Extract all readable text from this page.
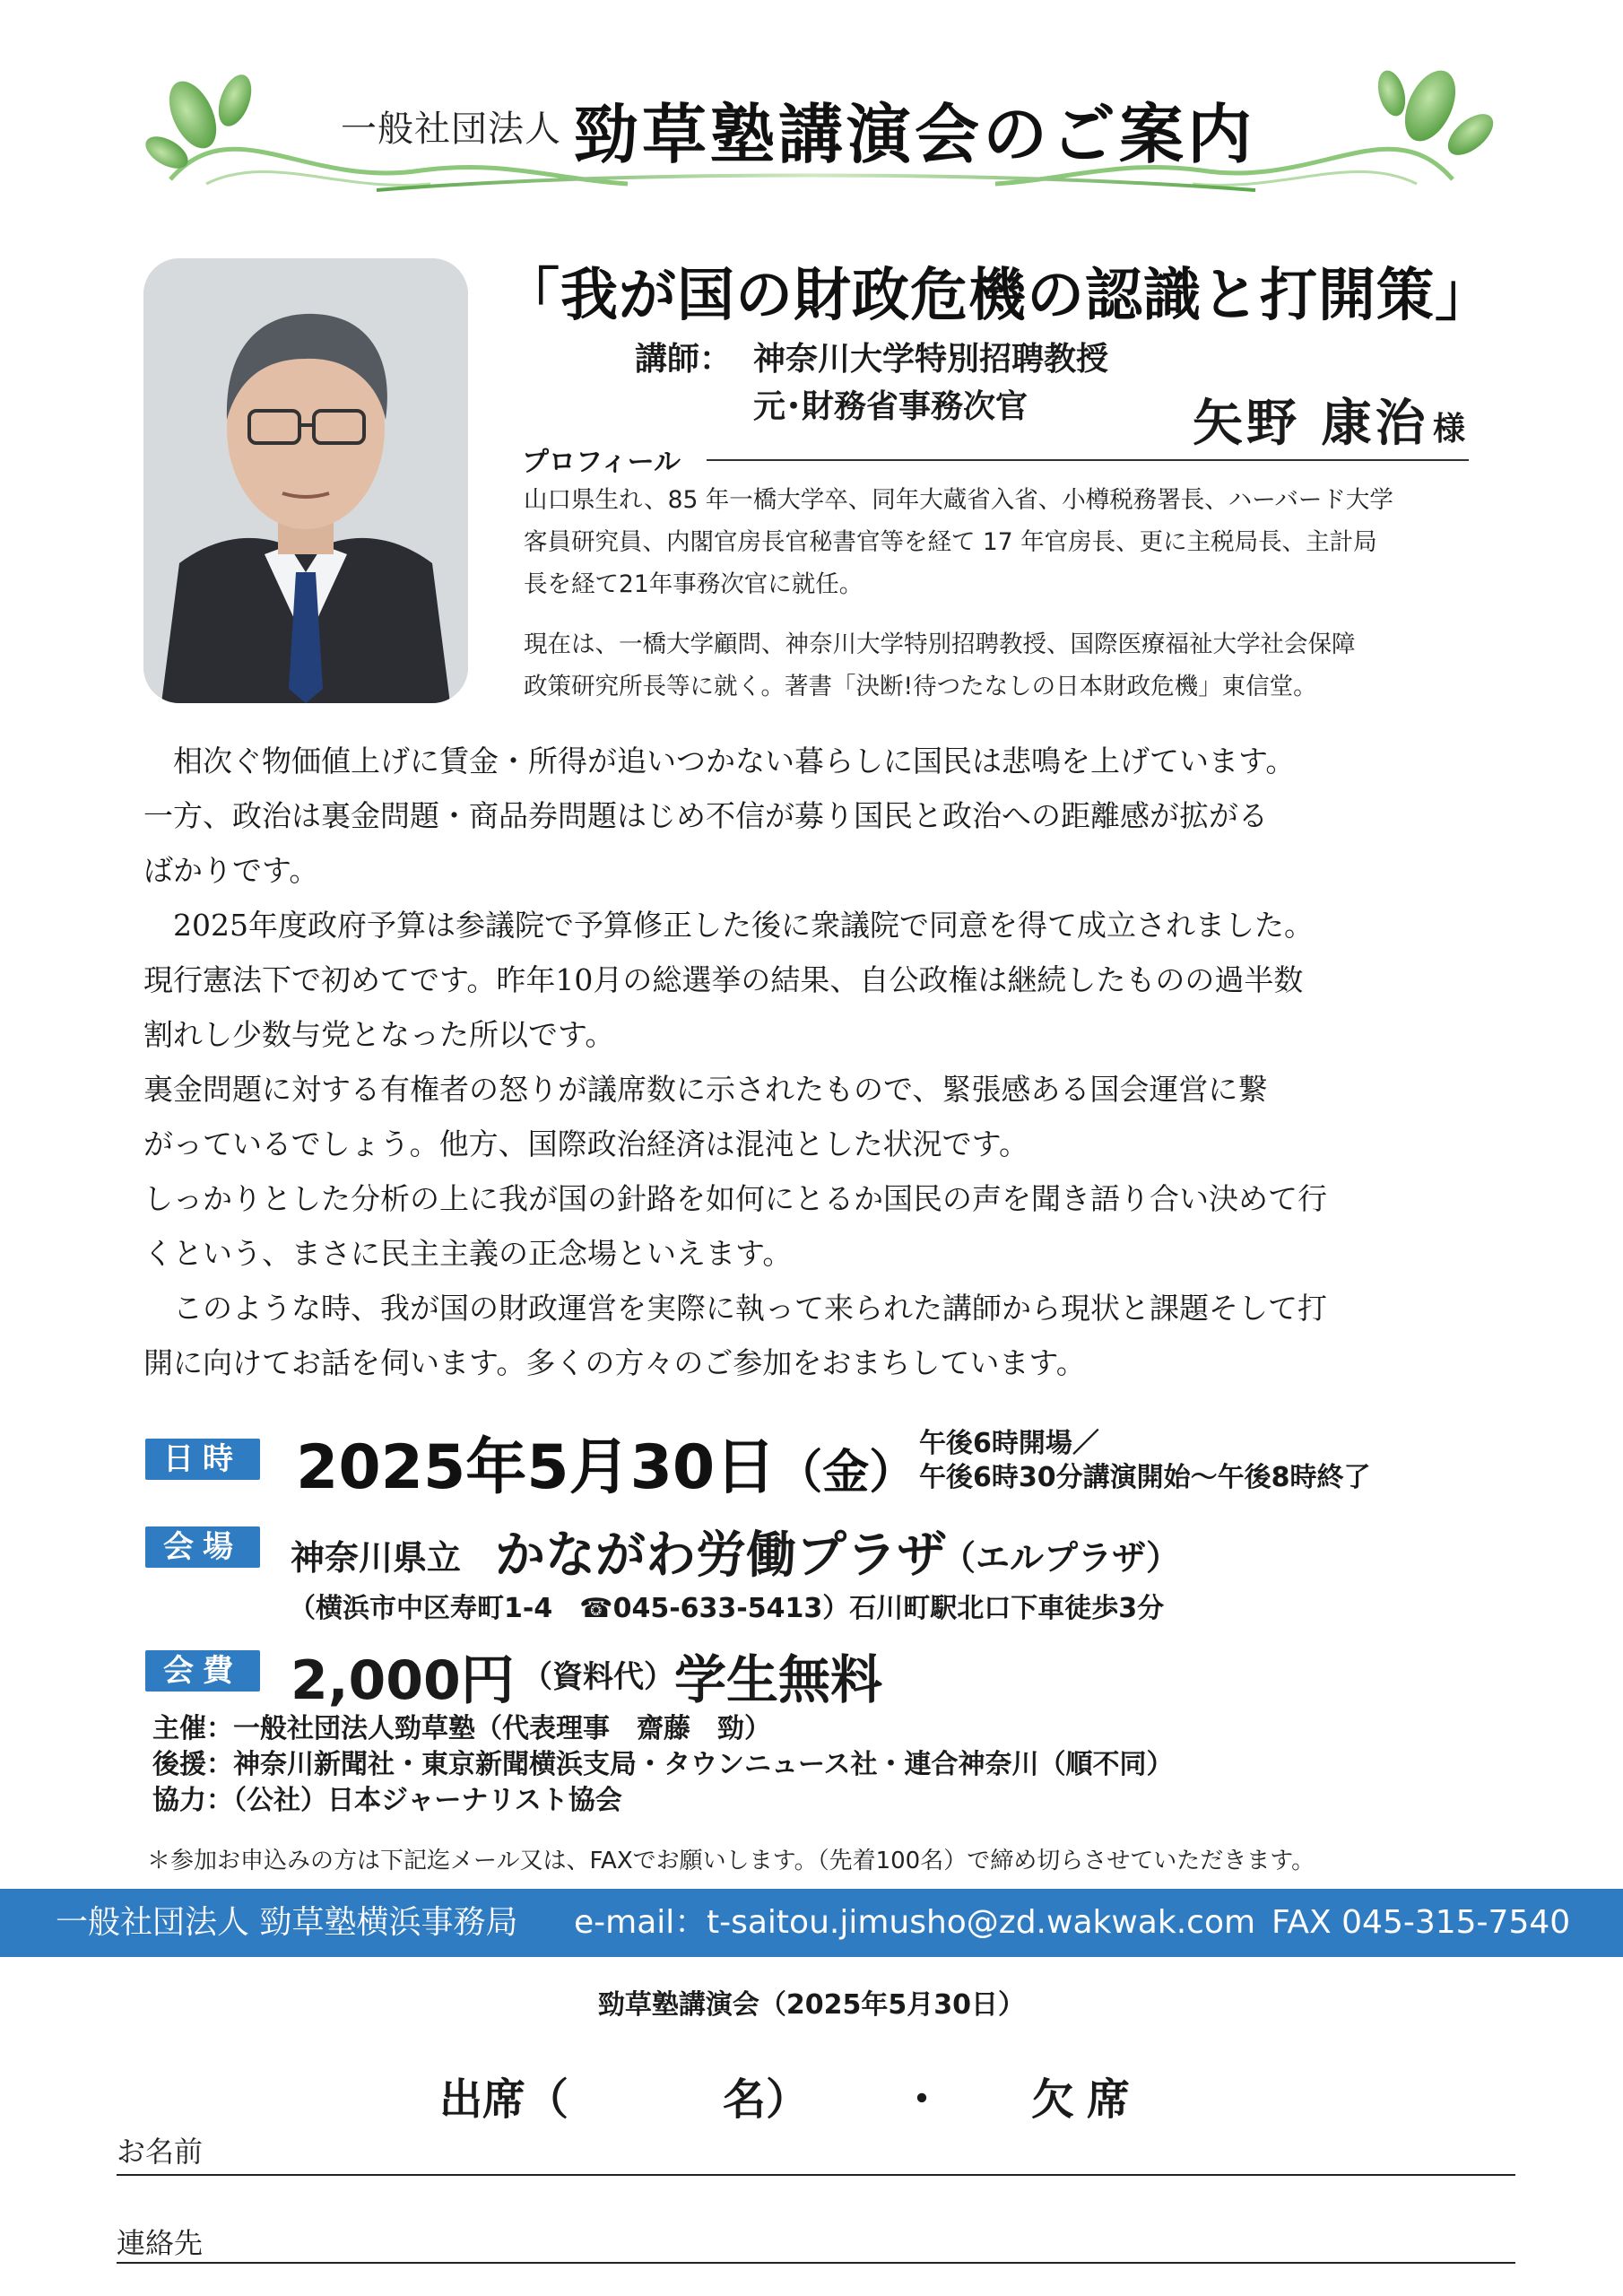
一般社団法人 勁草塾講演会のご案内
「我が国の財政危機の認識と打開策」
講師： 神奈川大学特別招聘教授
元･財務省事務次官	矢野 康治 様
プロフィール
山口県生れ、85 年一橋大学卒、同年大蔵省入省、小樽税務署長、ハーバード大学
客員研究員、内閣官房長官秘書官等を経て 17 年官房長、更に主税局長、主計局
長を経て21年事務次官に就任。
現在は、一橋大学顧問、神奈川大学特別招聘教授、国際医療福祉大学社会保障
政策研究所長等に就く。著書「決断!待つたなしの日本財政危機」東信堂。
　相次ぐ物価値上げに賃金・所得が追いつかない暮らしに国民は悲鳴を上げています。
一方、政治は裏金問題・商品券問題はじめ不信が募り国民と政治への距離感が拡がる
ばかりです。
　2025年度政府予算は参議院で予算修正した後に衆議院で同意を得て成立されました。
現行憲法下で初めてです。昨年10月の総選挙の結果、自公政権は継続したものの過半数
割れし少数与党となった所以です。
裏金問題に対する有権者の怒りが議席数に示されたもので、緊張感ある国会運営に繋
がっているでしょう。他方、国際政治経済は混沌とした状況です。
しっかりとした分析の上に我が国の針路を如何にとるか国民の声を聞き語り合い決めて行
くという、まさに民主主義の正念場といえます。
　このような時、我が国の財政運営を実際に執って来られた講師から現状と課題そして打
開に向けてお話を伺います。多くの方々のご参加をおまちしています。
日時 2025年5月30日（金）
午後6時開場／
午後6時30分講演開始～午後8時終了
会場	神奈川県立 かながわ労働プラザ
（エルプラザ）
（横浜市中区寿町1-4　☎045-633-5413）石川町駅北口下車徒歩3分
会費 2,000円 （資料代） 学生無料
主催：一般社団法人勁草塾（代表理事　齋藤　勁）
後援：神奈川新聞社・東京新聞横浜支局・タウンニュース社・連合神奈川（順不同）
協力：（公社）日本ジャーナリスト協会
＊参加お申込みの方は下記迄メール又は、FAXでお願いします。（先着100名）で締め切らさせていただきます。
一般社団法人 勁草塾横浜事務局 e-mail： t-saitou.jimusho@zd.wakwak.com FAX 045-315-7540
勁草塾講演会（2025年5月30日）
出席（	名） ・ 欠席
お名前
連絡先
